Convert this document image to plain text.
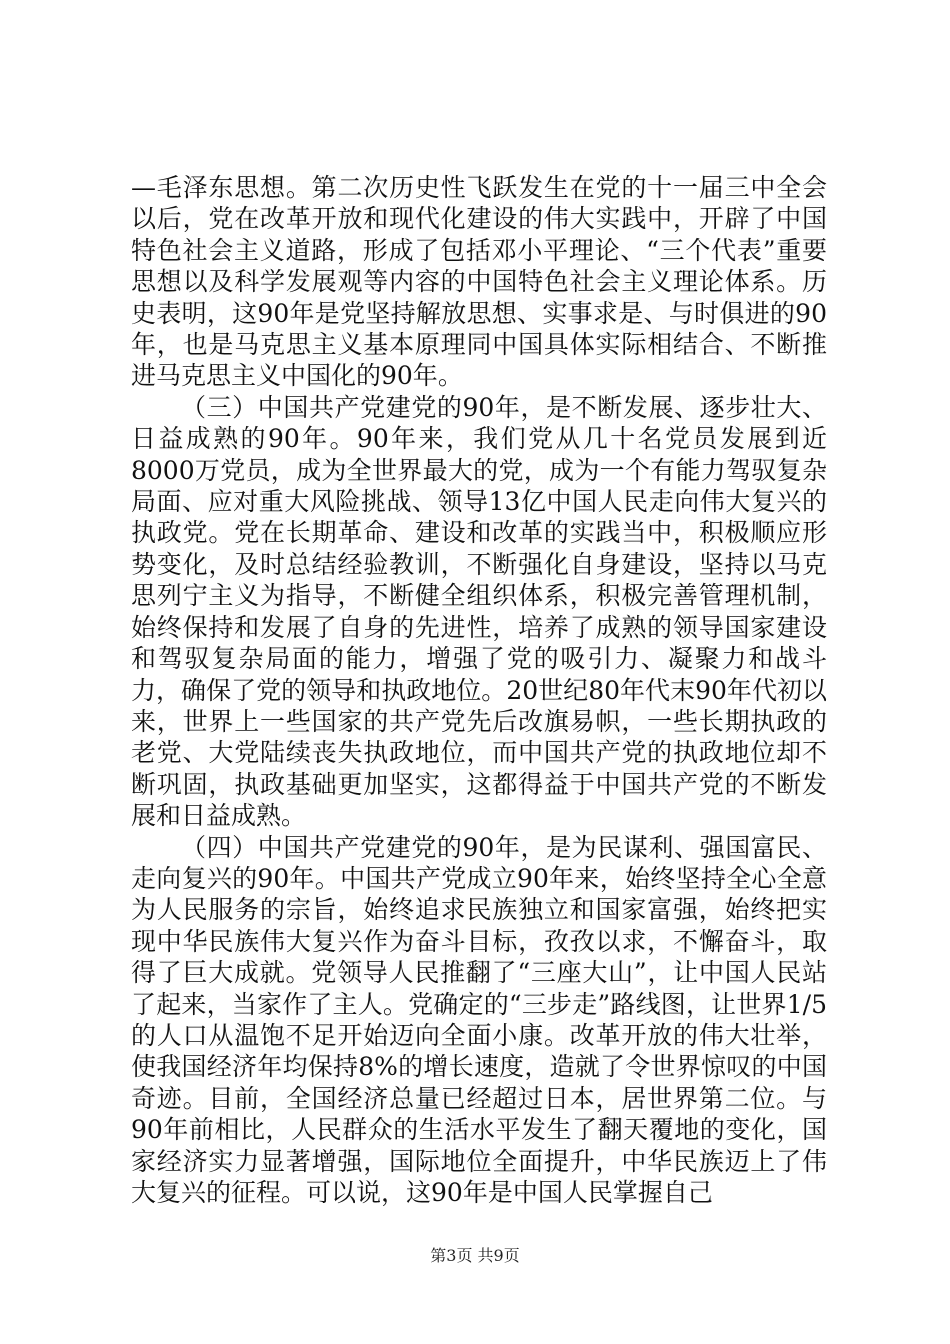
—毛泽东思想。第二次历史性飞跃发生在党的十一届三中全会以后，党在改革开放和现代化建设的伟大实践中，开辟了中国特色社会主义道路，形成了包括邓小平理论、“三个代表”重要思想以及科学发展观等内容的中国特色社会主义理论体系。历史表明，这90年是党坚持解放思想、实事求是、与时俱进的90年，也是马克思主义基本原理同中国具体实际相结合、不断推进马克思主义中国化的90年。

（三）中国共产党建党的90年，是不断发展、逐步壮大、日益成熟的90年。90年来，我们党从几十名党员发展到近8000万党员，成为全世界最大的党，成为一个有能力驾驭复杂局面、应对重大风险挑战、领导13亿中国人民走向伟大复兴的执政党。党在长期革命、建设和改革的实践当中，积极顺应形势变化，及时总结经验教训，不断强化自身建设，坚持以马克思列宁主义为指导，不断健全组织体系，积极完善管理机制，始终保持和发展了自身的先进性，培养了成熟的领导国家建设和驾驭复杂局面的能力，增强了党的吸引力、凝聚力和战斗力，确保了党的领导和执政地位。20世纪80年代末90年代初以来，世界上一些国家的共产党先后改旗易帜，一些长期执政的老党、大党陆续丧失执政地位，而中国共产党的执政地位却不断巩固，执政基础更加坚实，这都得益于中国共产党的不断发展和日益成熟。

（四）中国共产党建党的90年，是为民谋利、强国富民、走向复兴的90年。中国共产党成立90年来，始终坚持全心全意为人民服务的宗旨，始终追求民族独立和国家富强，始终把实现中华民族伟大复兴作为奋斗目标，孜孜以求，不懈奋斗，取得了巨大成就。党领导人民推翻了“三座大山”，让中国人民站了起来，当家作了主人。党确定的“三步走”路线图，让世界1/5的人口从温饱不足开始迈向全面小康。改革开放的伟大壮举，使我国经济年均保持8%的增长速度，造就了令世界惊叹的中国奇迹。目前，全国经济总量已经超过日本，居世界第二位。与90年前相比，人民群众的生活水平发生了翻天覆地的变化，国家经济实力显著增强，国际地位全面提升，中华民族迈上了伟大复兴的征程。可以说，这90年是中国人民掌握自己

第3页 共9页
